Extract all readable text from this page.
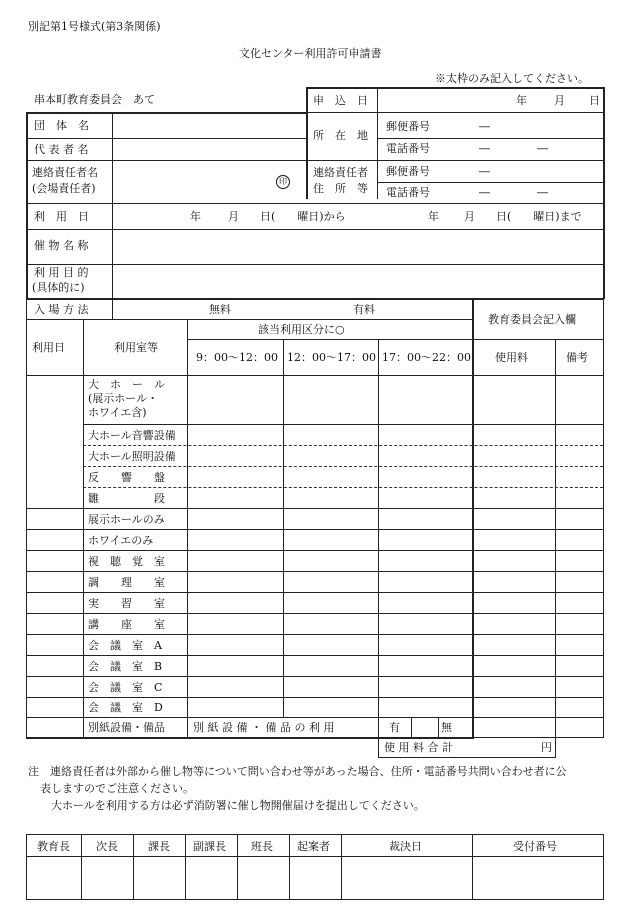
別記第1号様式(第3条関係)
文化センター利用許可申請書
※太枠のみ記入してください。
串本町教育委員会　あて	申　込　日	年 月 日
団　体　名
代 表 者 名
所　在　地
郵便番号	―
電話番号	―	―
連絡責任者名
(会場責任者)
印
連絡責任者
住　所　等
郵便番号	―
電話番号	―	―
利　用　日	年 月 日(　　曜日)から	年 月 日(　　曜日)まで
催 物 名 称
利 用 目 的
(具体的に)
入 場 方 法	無料	有料
利用日	利用室等
該当利用区分に○
9：00～12：00 12：00～17：00 17：00～22：00
教育委員会記入欄
使用料	備考
大　ホ　ー　ル
(展示ホール・
ホワイエ含)
大ホール音響設備
大ホール照明設備
反　　響　　盤
雛　　　　　段
展示ホールのみ
ホワイエのみ
視　聴　覚　室
調　　理　　室
実　　習　　室
講　　座　　室
会　議　室　A
会　議　室　B
会　議　室　C
会　議　室　D
別紙設備・備品	別 紙 設 備 ・ 備 品 の 利 用	有	無
使 用 料 合 計	円
注　連絡責任者は外部から催し物等について問い合わせ等があった場合、住所・電話番号共問い合わせ者に公
表しますのでご注意ください。
大ホールを利用する方は必ず消防署に催し物開催届けを提出してください。
教育長 次長	課長 副課長 班長 起案者	裁決日	受付番号
